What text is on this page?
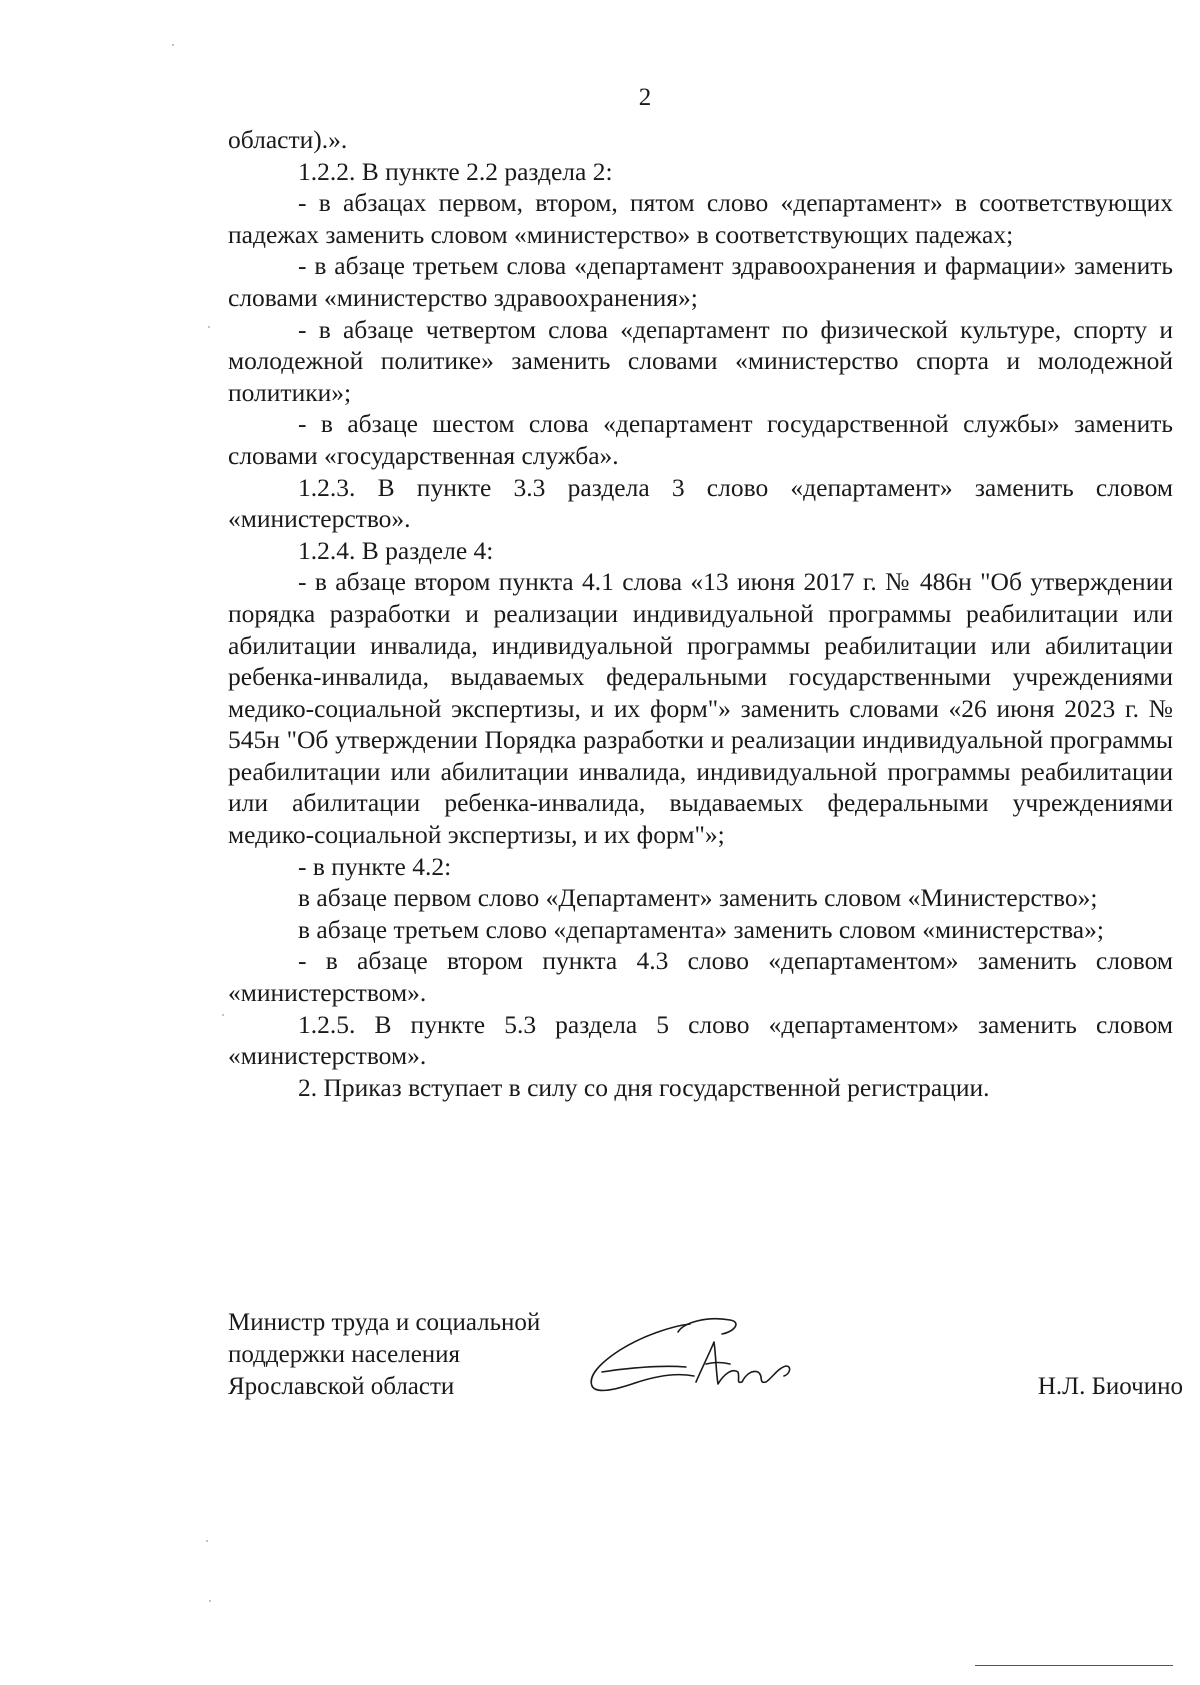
2

области).».

1.2.2. В пункте 2.2 раздела 2:

- в абзацах первом, втором, пятом слово «департамент» в соответствующих падежах заменить словом «министерство» в соответствующих падежах;

- в абзаце третьем слова «департамент здравоохранения и фармации» заменить словами «министерство здравоохранения»;

- в абзаце четвертом слова «департамент по физической культуре, спорту и молодежной политике» заменить словами «министерство спорта и молодежной политики»;

- в абзаце шестом слова «департамент государственной службы» заменить словами «государственная служба».

1.2.3. В пункте 3.3 раздела 3 слово «департамент» заменить словом «министерство».

1.2.4. В разделе 4:

- в абзаце втором пункта 4.1 слова «13 июня 2017 г. № 486н "Об утверждении порядка разработки и реализации индивидуальной программы реабилитации или абилитации инвалида, индивидуальной программы реабилитации или абилитации ребенка-инвалида, выдаваемых федеральными государственными учреждениями медико-социальной экспертизы, и их форм"» заменить словами «26 июня 2023 г. № 545н "Об утверждении Порядка разработки и реализации индивидуальной программы реабилитации или абилитации инвалида, индивидуальной программы реабилитации или абилитации ребенка-инвалида, выдаваемых федеральными учреждениями медико-социальной экспертизы, и их форм"»;

- в пункте 4.2:

в абзаце первом слово «Департамент» заменить словом «Министерство»;

в абзаце третьем слово «департамента» заменить словом «министерства»;

- в абзаце втором пункта 4.3 слово «департаментом» заменить словом «министерством».

1.2.5. В пункте 5.3 раздела 5 слово «департаментом» заменить словом «министерством».

2. Приказ вступает в силу со дня государственной регистрации.

Министр труда и социальной
поддержки населения
Ярославской области	Н.Л. Биочино
